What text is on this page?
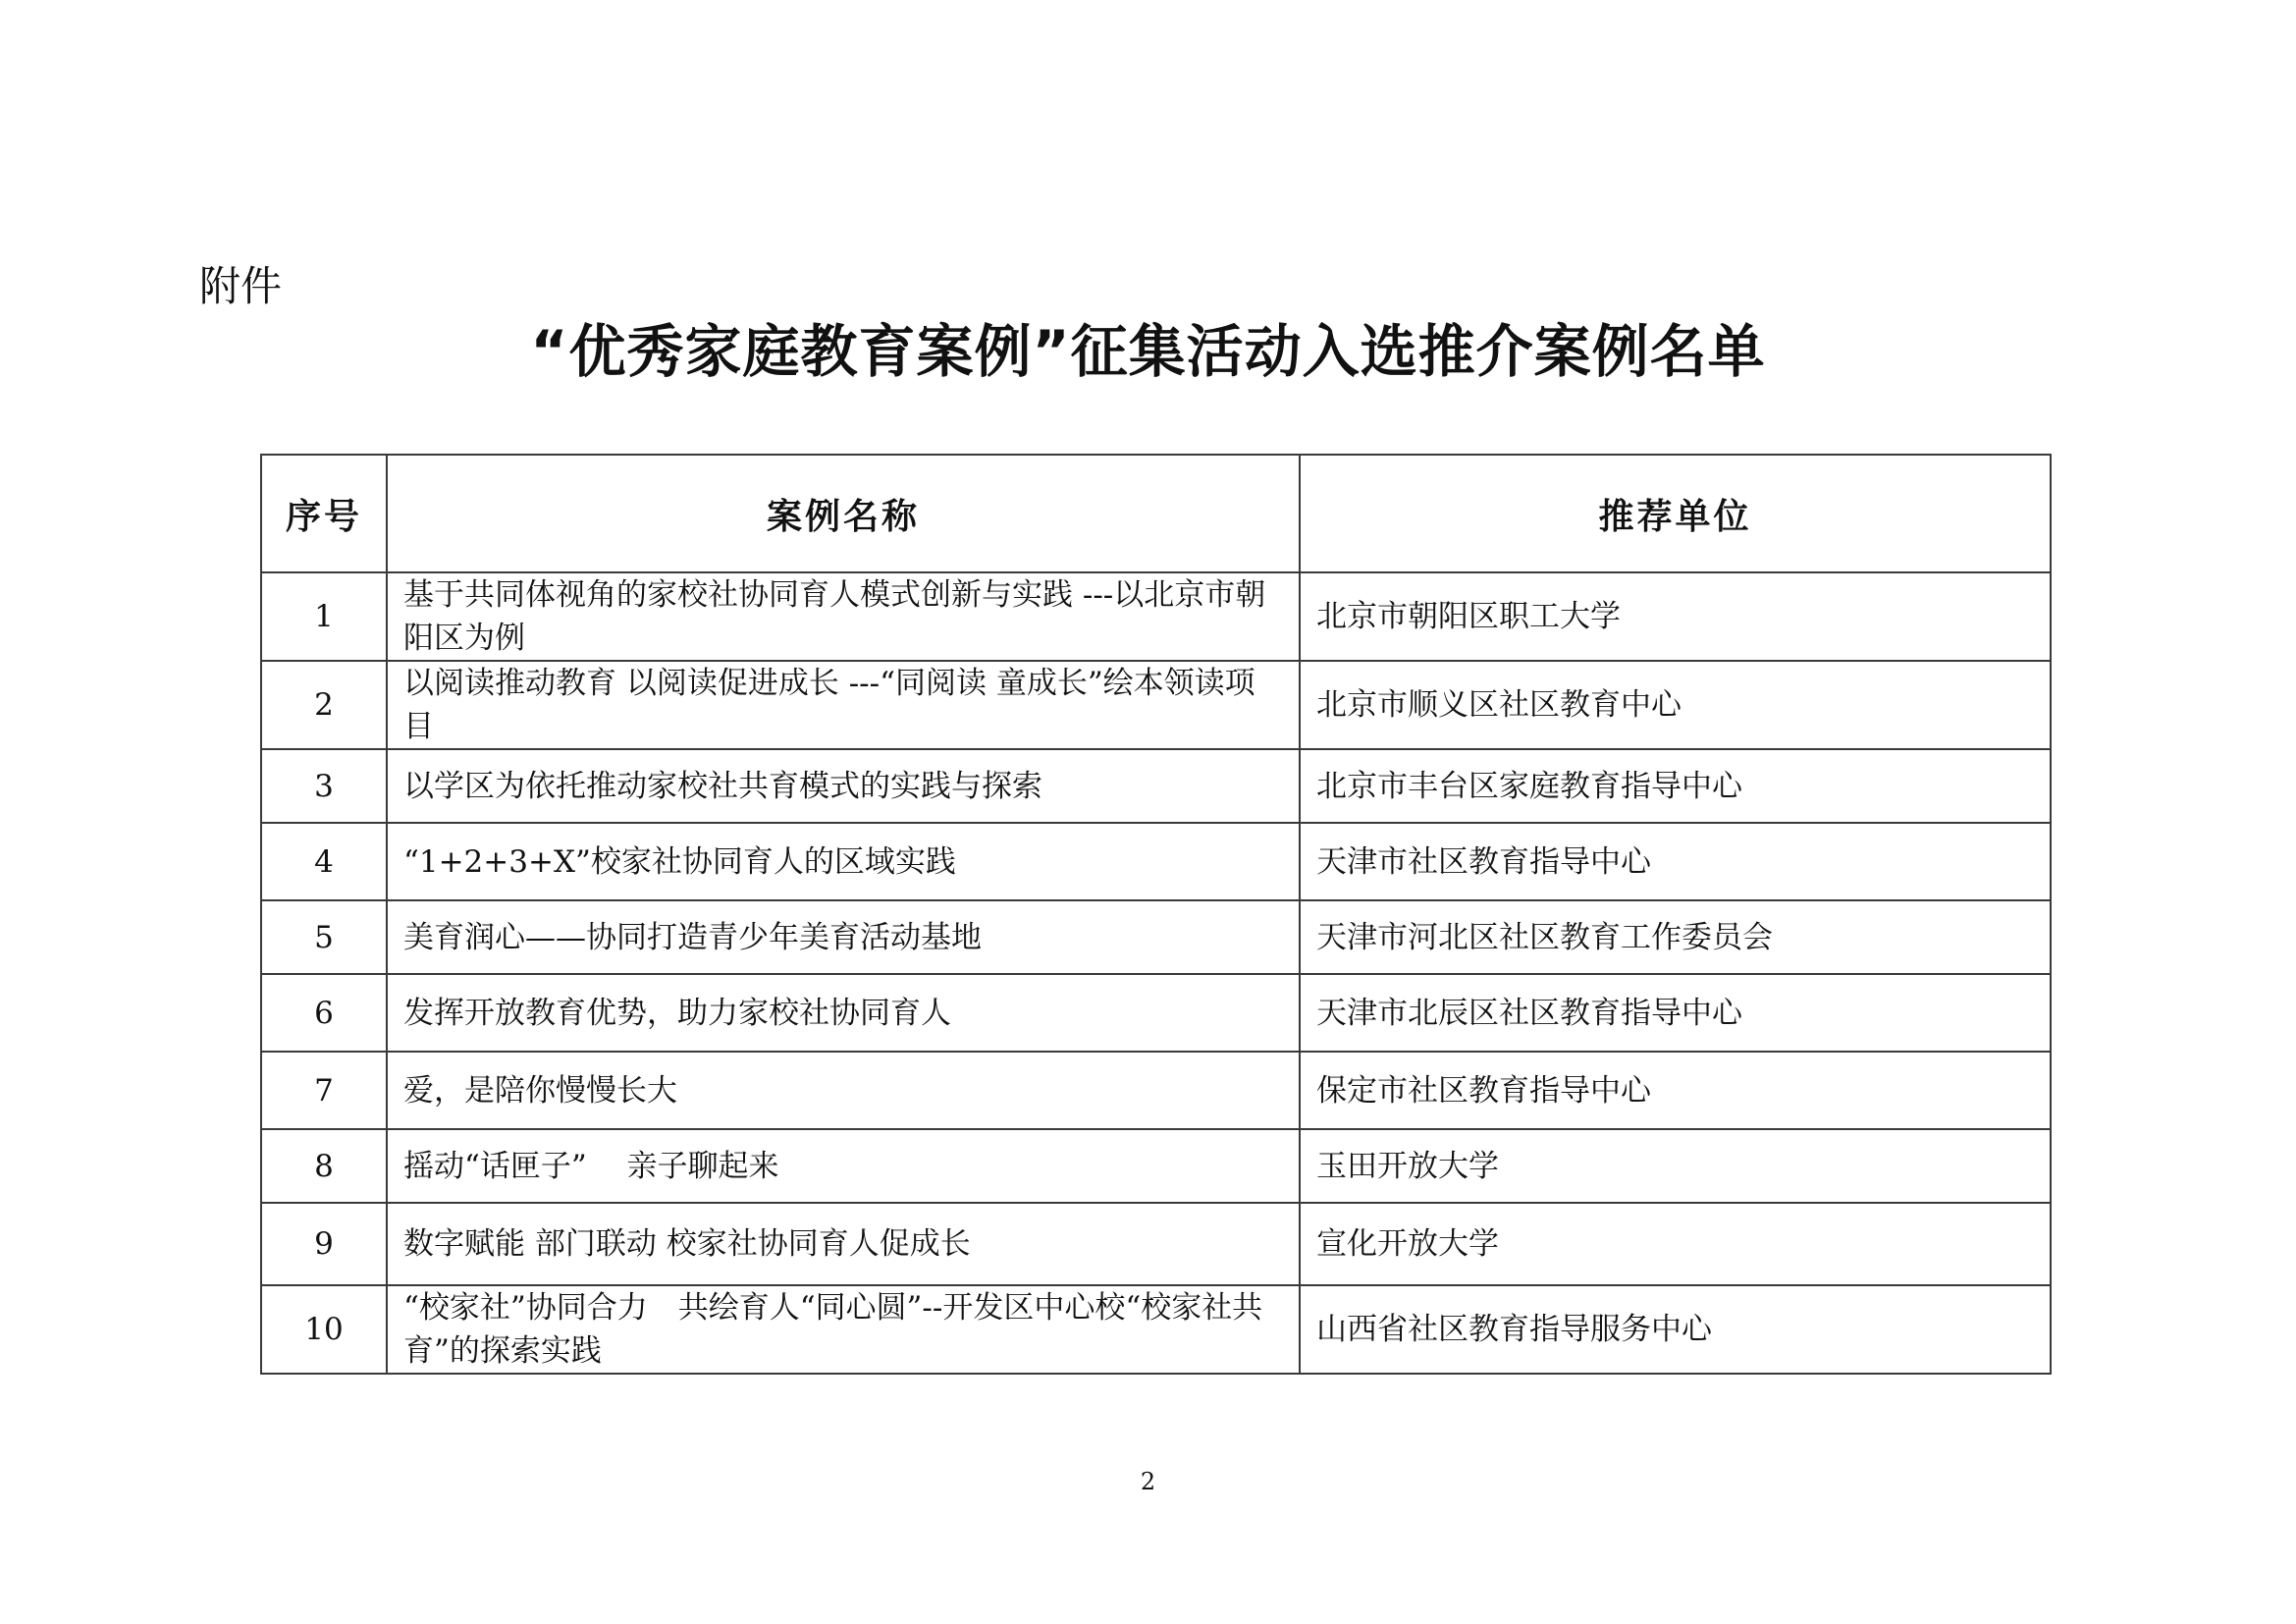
附件
“优秀家庭教育案例”征集活动入选推介案例名单
序号	案例名称	推荐单位
1	基于共同体视角的家校社协同育人模式创新与实践 ---以北京市朝阳区为例	北京市朝阳区职工大学
2	以阅读推动教育 以阅读促进成长 ---“同阅读 童成长”绘本领读项目	北京市顺义区社区教育中心
3	以学区为依托推动家校社共育模式的实践与探索	北京市丰台区家庭教育指导中心
4	“1+2+3+X”校家社协同育人的区域实践	天津市社区教育指导中心
5	美育润心——协同打造青少年美育活动基地	天津市河北区社区教育工作委员会
6	发挥开放教育优势，助力家校社协同育人	天津市北辰区社区教育指导中心
7	爱，是陪你慢慢长大	保定市社区教育指导中心
8	摇动“话匣子”　 亲子聊起来	玉田开放大学
9	数字赋能 部门联动 校家社协同育人促成长	宣化开放大学
10	“校家社”协同合力　共绘育人“同心圆”--开发区中心校“校家社共育”的探索实践	山西省社区教育指导服务中心
2
